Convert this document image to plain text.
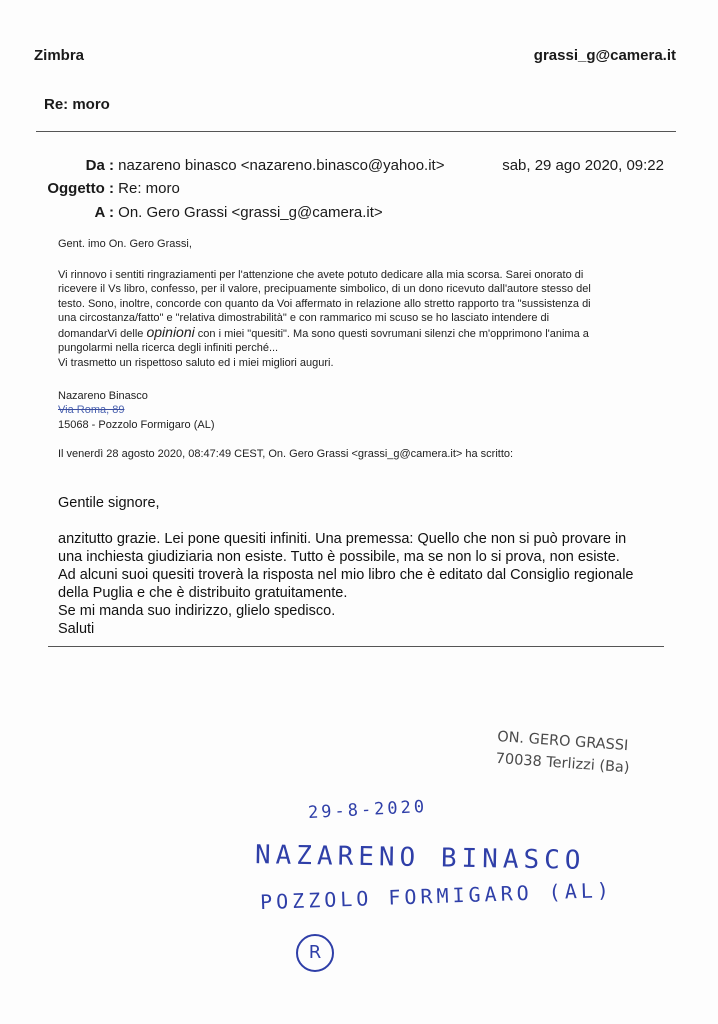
Zimbra	grassi_g@camera.it
Re: moro
Da : nazareno binasco <nazareno.binasco@yahoo.it>	sab, 29 ago 2020, 09:22
Oggetto : Re: moro
A : On. Gero Grassi <grassi_g@camera.it>
Gent. imo On. Gero Grassi,
Vi rinnovo i sentiti ringraziamenti per l'attenzione che avete potuto dedicare alla mia scorsa. Sarei onorato di
ricevere il Vs libro, confesso, per il valore, precipuamente simbolico, di un dono ricevuto dall'autore stesso del
testo. Sono, inoltre, concorde con quanto da Voi affermato in relazione allo stretto rapporto tra "sussistenza di
una circostanza/fatto" e "relativa dimostrabilità" e con rammarico mi scuso se ho lasciato intendere di
domandarVi delle opinioni con i miei "quesiti". Ma sono questi sovrumani silenzi che m'opprimono l'anima a
pungolarmi nella ricerca degli infiniti perché...
Vi trasmetto un rispettoso saluto ed i miei migliori auguri.
Nazareno Binasco
Via Roma, 89
15068 - Pozzolo Formigaro (AL)
Il venerdì 28 agosto 2020, 08:47:49 CEST, On. Gero Grassi <grassi_g@camera.it> ha scritto:
Gentile signore,
anzitutto grazie. Lei pone quesiti infiniti. Una premessa: Quello che non si può provare in
una inchiesta giudiziaria non esiste. Tutto è possibile, ma se non lo si prova, non esiste.
Ad alcuni suoi quesiti troverà la risposta nel mio libro che è editato dal Consiglio regionale
della Puglia e che è distribuito gratuitamente.
Se mi manda suo indirizzo, glielo spedisco.
Saluti
ON. GERO GRASSI
70038 Terlizzi (Ba)
29-8-2020
NAZARENO BINASCO
POZZOLO FORMIGARO (AL)
R
